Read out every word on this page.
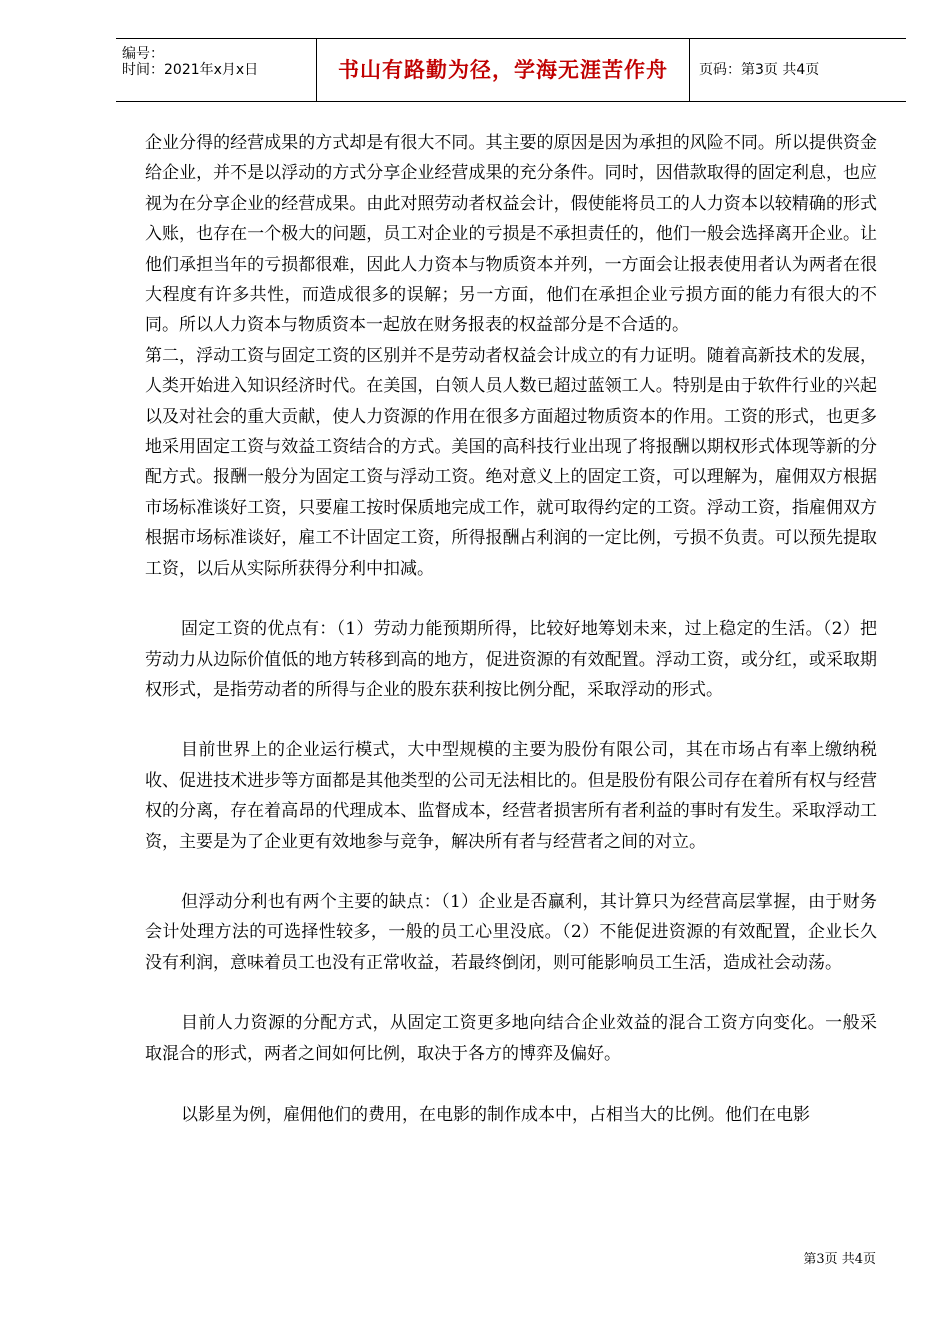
编号：
时间：2021年x月x日	书山有路勤为径，学海无涯苦作舟	页码：第3页 共4页

企业分得的经营成果的方式却是有很大不同。其主要的原因是因为承担的风险不同。所以提供资金给企业，并不是以浮动的方式分享企业经营成果的充分条件。同时，因借款取得的固定利息，也应视为在分享企业的经营成果。由此对照劳动者权益会计，假使能将员工的人力资本以较精确的形式入账，也存在一个极大的问题，员工对企业的亏损是不承担责任的，他们一般会选择离开企业。让他们承担当年的亏损都很难，因此人力资本与物质资本并列，一方面会让报表使用者认为两者在很大程度有许多共性，而造成很多的误解；另一方面，他们在承担企业亏损方面的能力有很大的不同。所以人力资本与物质资本一起放在财务报表的权益部分是不合适的。

第二，浮动工资与固定工资的区别并不是劳动者权益会计成立的有力证明。随着高新技术的发展，人类开始进入知识经济时代。在美国，白领人员人数已超过蓝领工人。特别是由于软件行业的兴起以及对社会的重大贡献，使人力资源的作用在很多方面超过物质资本的作用。工资的形式，也更多地采用固定工资与效益工资结合的方式。美国的高科技行业出现了将报酬以期权形式体现等新的分配方式。报酬一般分为固定工资与浮动工资。绝对意义上的固定工资，可以理解为，雇佣双方根据市场标准谈好工资，只要雇工按时保质地完成工作，就可取得约定的工资。浮动工资，指雇佣双方根据市场标准谈好，雇工不计固定工资，所得报酬占利润的一定比例，亏损不负责。可以预先提取工资，以后从实际所获得分利中扣减。

固定工资的优点有：（1）劳动力能预期所得，比较好地筹划未来，过上稳定的生活。（2）把劳动力从边际价值低的地方转移到高的地方，促进资源的有效配置。浮动工资，或分红，或采取期权形式，是指劳动者的所得与企业的股东获利按比例分配，采取浮动的形式。

目前世界上的企业运行模式，大中型规模的主要为股份有限公司，其在市场占有率上缴纳税收、促进技术进步等方面都是其他类型的公司无法相比的。但是股份有限公司存在着所有权与经营权的分离，存在着高昂的代理成本、监督成本，经营者损害所有者利益的事时有发生。采取浮动工资，主要是为了企业更有效地参与竞争，解决所有者与经营者之间的对立。

但浮动分利也有两个主要的缺点：（1）企业是否赢利，其计算只为经营高层掌握，由于财务会计处理方法的可选择性较多，一般的员工心里没底。（2）不能促进资源的有效配置，企业长久没有利润，意味着员工也没有正常收益，若最终倒闭，则可能影响员工生活，造成社会动荡。

目前人力资源的分配方式，从固定工资更多地向结合企业效益的混合工资方向变化。一般采取混合的形式，两者之间如何比例，取决于各方的博弈及偏好。

以影星为例，雇佣他们的费用，在电影的制作成本中，占相当大的比例。他们在电影

第3页 共4页
